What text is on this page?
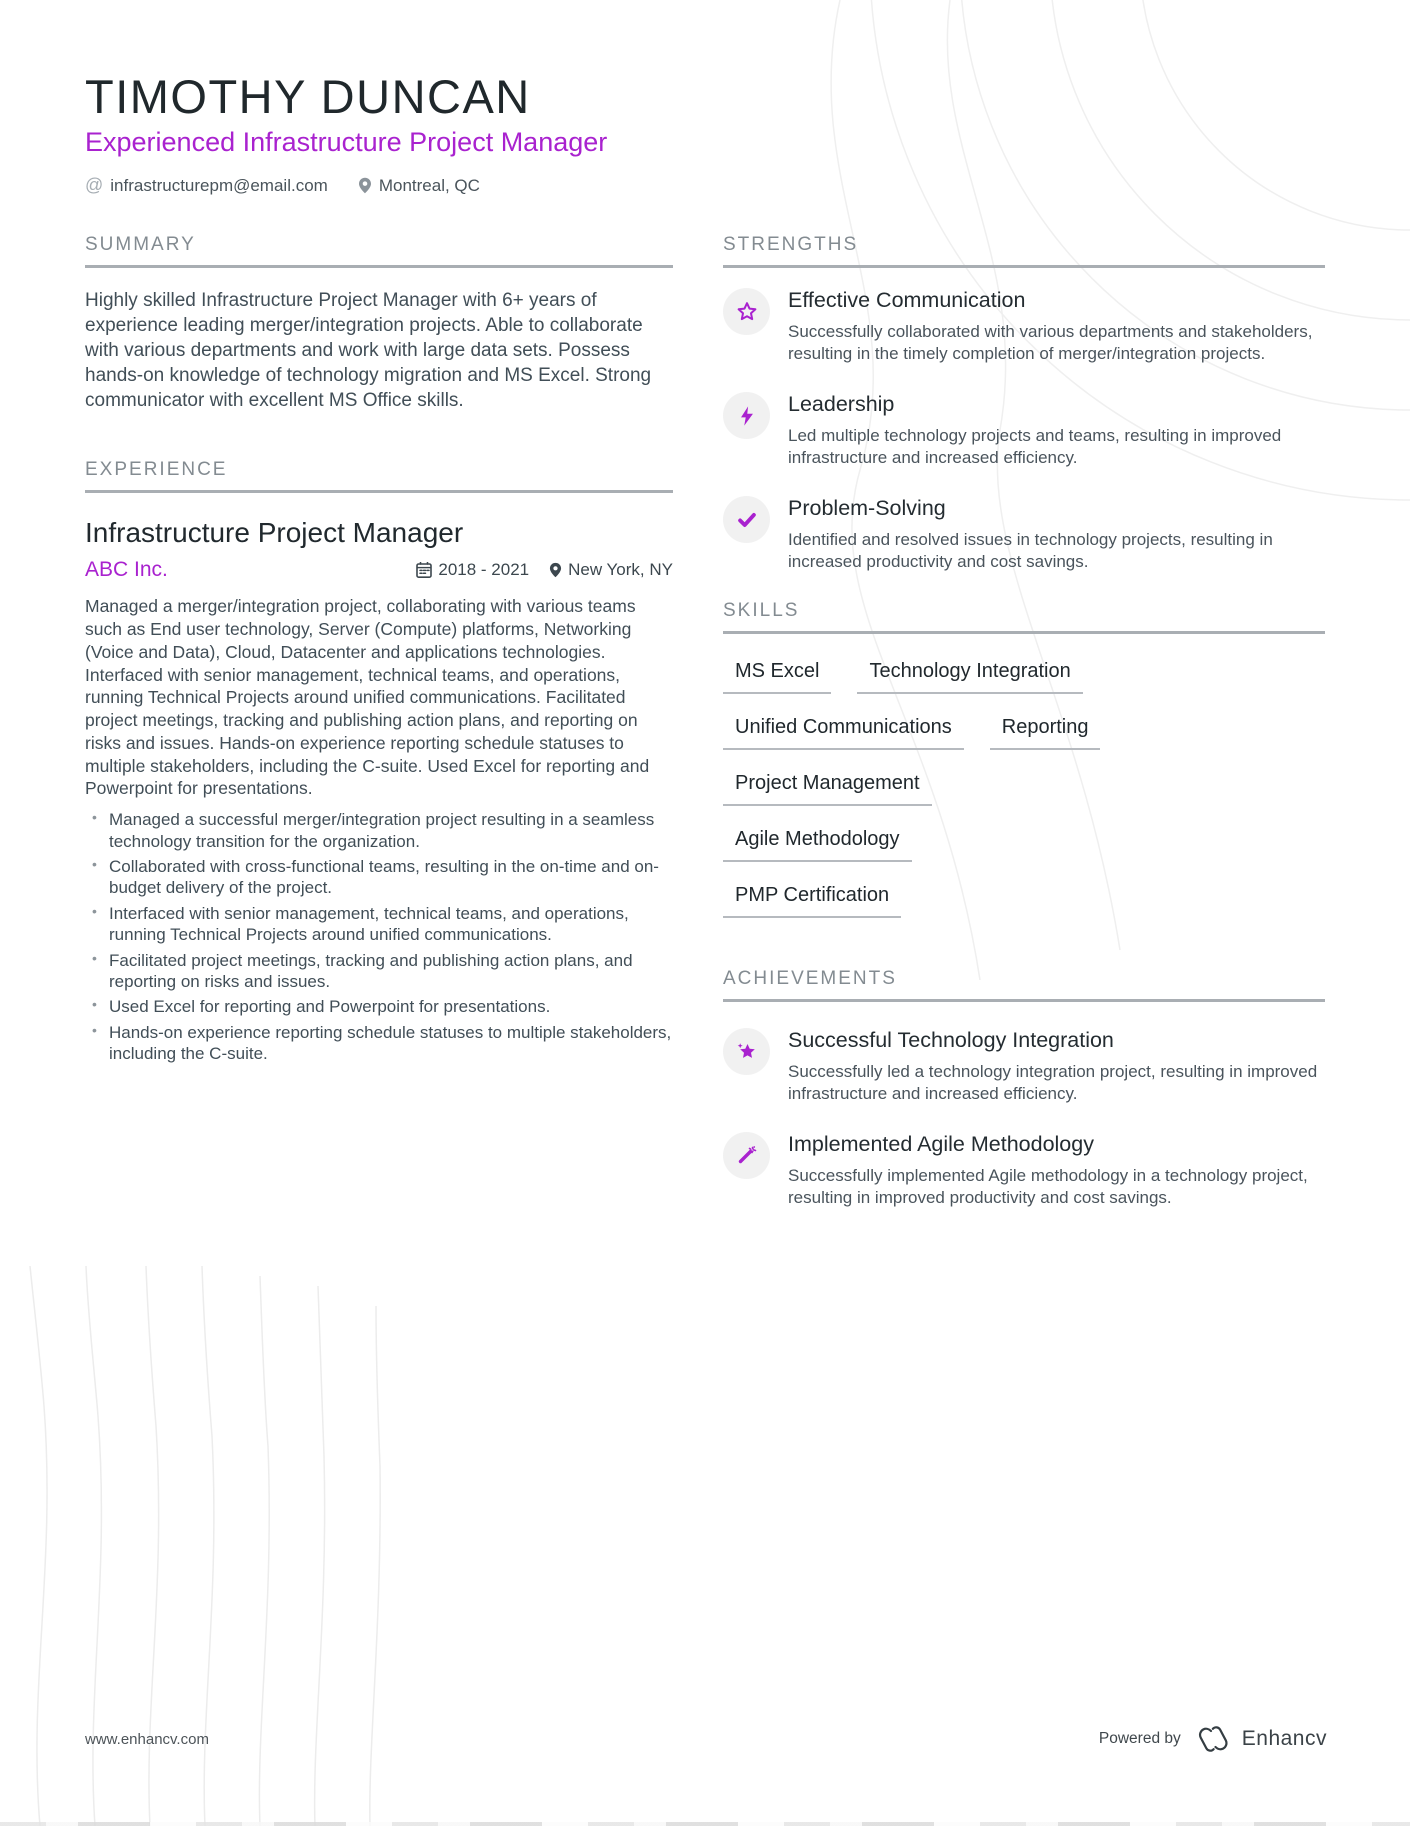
TIMOTHY DUNCAN
Experienced Infrastructure Project Manager
@ infrastructurepm@email.com	Montreal, QC
SUMMARY

Highly skilled Infrastructure Project Manager with 6+ years of experience leading merger/integration projects. Able to collaborate with various departments and work with large data sets. Possess hands-on knowledge of technology migration and MS Excel. Strong communicator with excellent MS Office skills.

EXPERIENCE
Infrastructure Project Manager
ABC Inc.	2018 - 2021 New York, NY

Managed a merger/integration project, collaborating with various teams such as End user technology, Server (Compute) platforms, Networking (Voice and Data), Cloud, Datacenter and applications technologies. Interfaced with senior management, technical teams, and operations, running Technical Projects around unified communications. Facilitated project meetings, tracking and publishing action plans, and reporting on risks and issues. Hands-on experience reporting schedule statuses to multiple stakeholders, including the C-suite. Used Excel for reporting and Powerpoint for presentations.

• Managed a successful merger/integration project resulting in a seamless technology transition for the organization.
• Collaborated with cross-functional teams, resulting in the on-time and on-budget delivery of the project.
• Interfaced with senior management, technical teams, and operations, running Technical Projects around unified communications.
• Facilitated project meetings, tracking and publishing action plans, and reporting on risks and issues.
• Used Excel for reporting and Powerpoint for presentations.
• Hands-on experience reporting schedule statuses to multiple stakeholders, including the C-suite.
STRENGTHS
Effective Communication
Successfully collaborated with various departments and stakeholders, resulting in the timely completion of merger/integration projects.
Leadership
Led multiple technology projects and teams, resulting in improved infrastructure and increased efficiency.
Problem-Solving
Identified and resolved issues in technology projects, resulting in increased productivity and cost savings.
SKILLS
MS Excel	Technology Integration
Unified Communications	Reporting
Project Management
Agile Methodology
PMP Certification
ACHIEVEMENTS
Successful Technology Integration
Successfully led a technology integration project, resulting in improved infrastructure and increased efficiency.
Implemented Agile Methodology
Successfully implemented Agile methodology in a technology project, resulting in improved productivity and cost savings.
www.enhancv.com	Powered by	Enhancv
